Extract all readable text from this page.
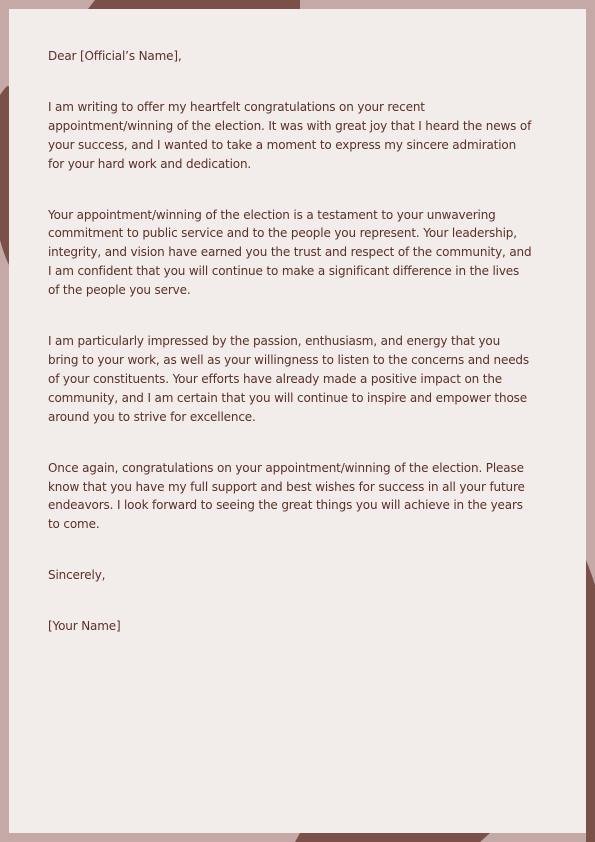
Dear [Official’s Name],

I am writing to offer my heartfelt congratulations on your recent appointment/winning of the election. It was with great joy that I heard the news of your success, and I wanted to take a moment to express my sincere admiration for your hard work and dedication.

Your appointment/winning of the election is a testament to your unwavering commitment to public service and to the people you represent. Your leadership, integrity, and vision have earned you the trust and respect of the community, and I am confident that you will continue to make a significant difference in the lives of the people you serve.

I am particularly impressed by the passion, enthusiasm, and energy that you bring to your work, as well as your willingness to listen to the concerns and needs of your constituents. Your efforts have already made a positive impact on the community, and I am certain that you will continue to inspire and empower those around you to strive for excellence.

Once again, congratulations on your appointment/winning of the election. Please know that you have my full support and best wishes for success in all your future endeavors. I look forward to seeing the great things you will achieve in the years to come.

Sincerely,

[Your Name]
